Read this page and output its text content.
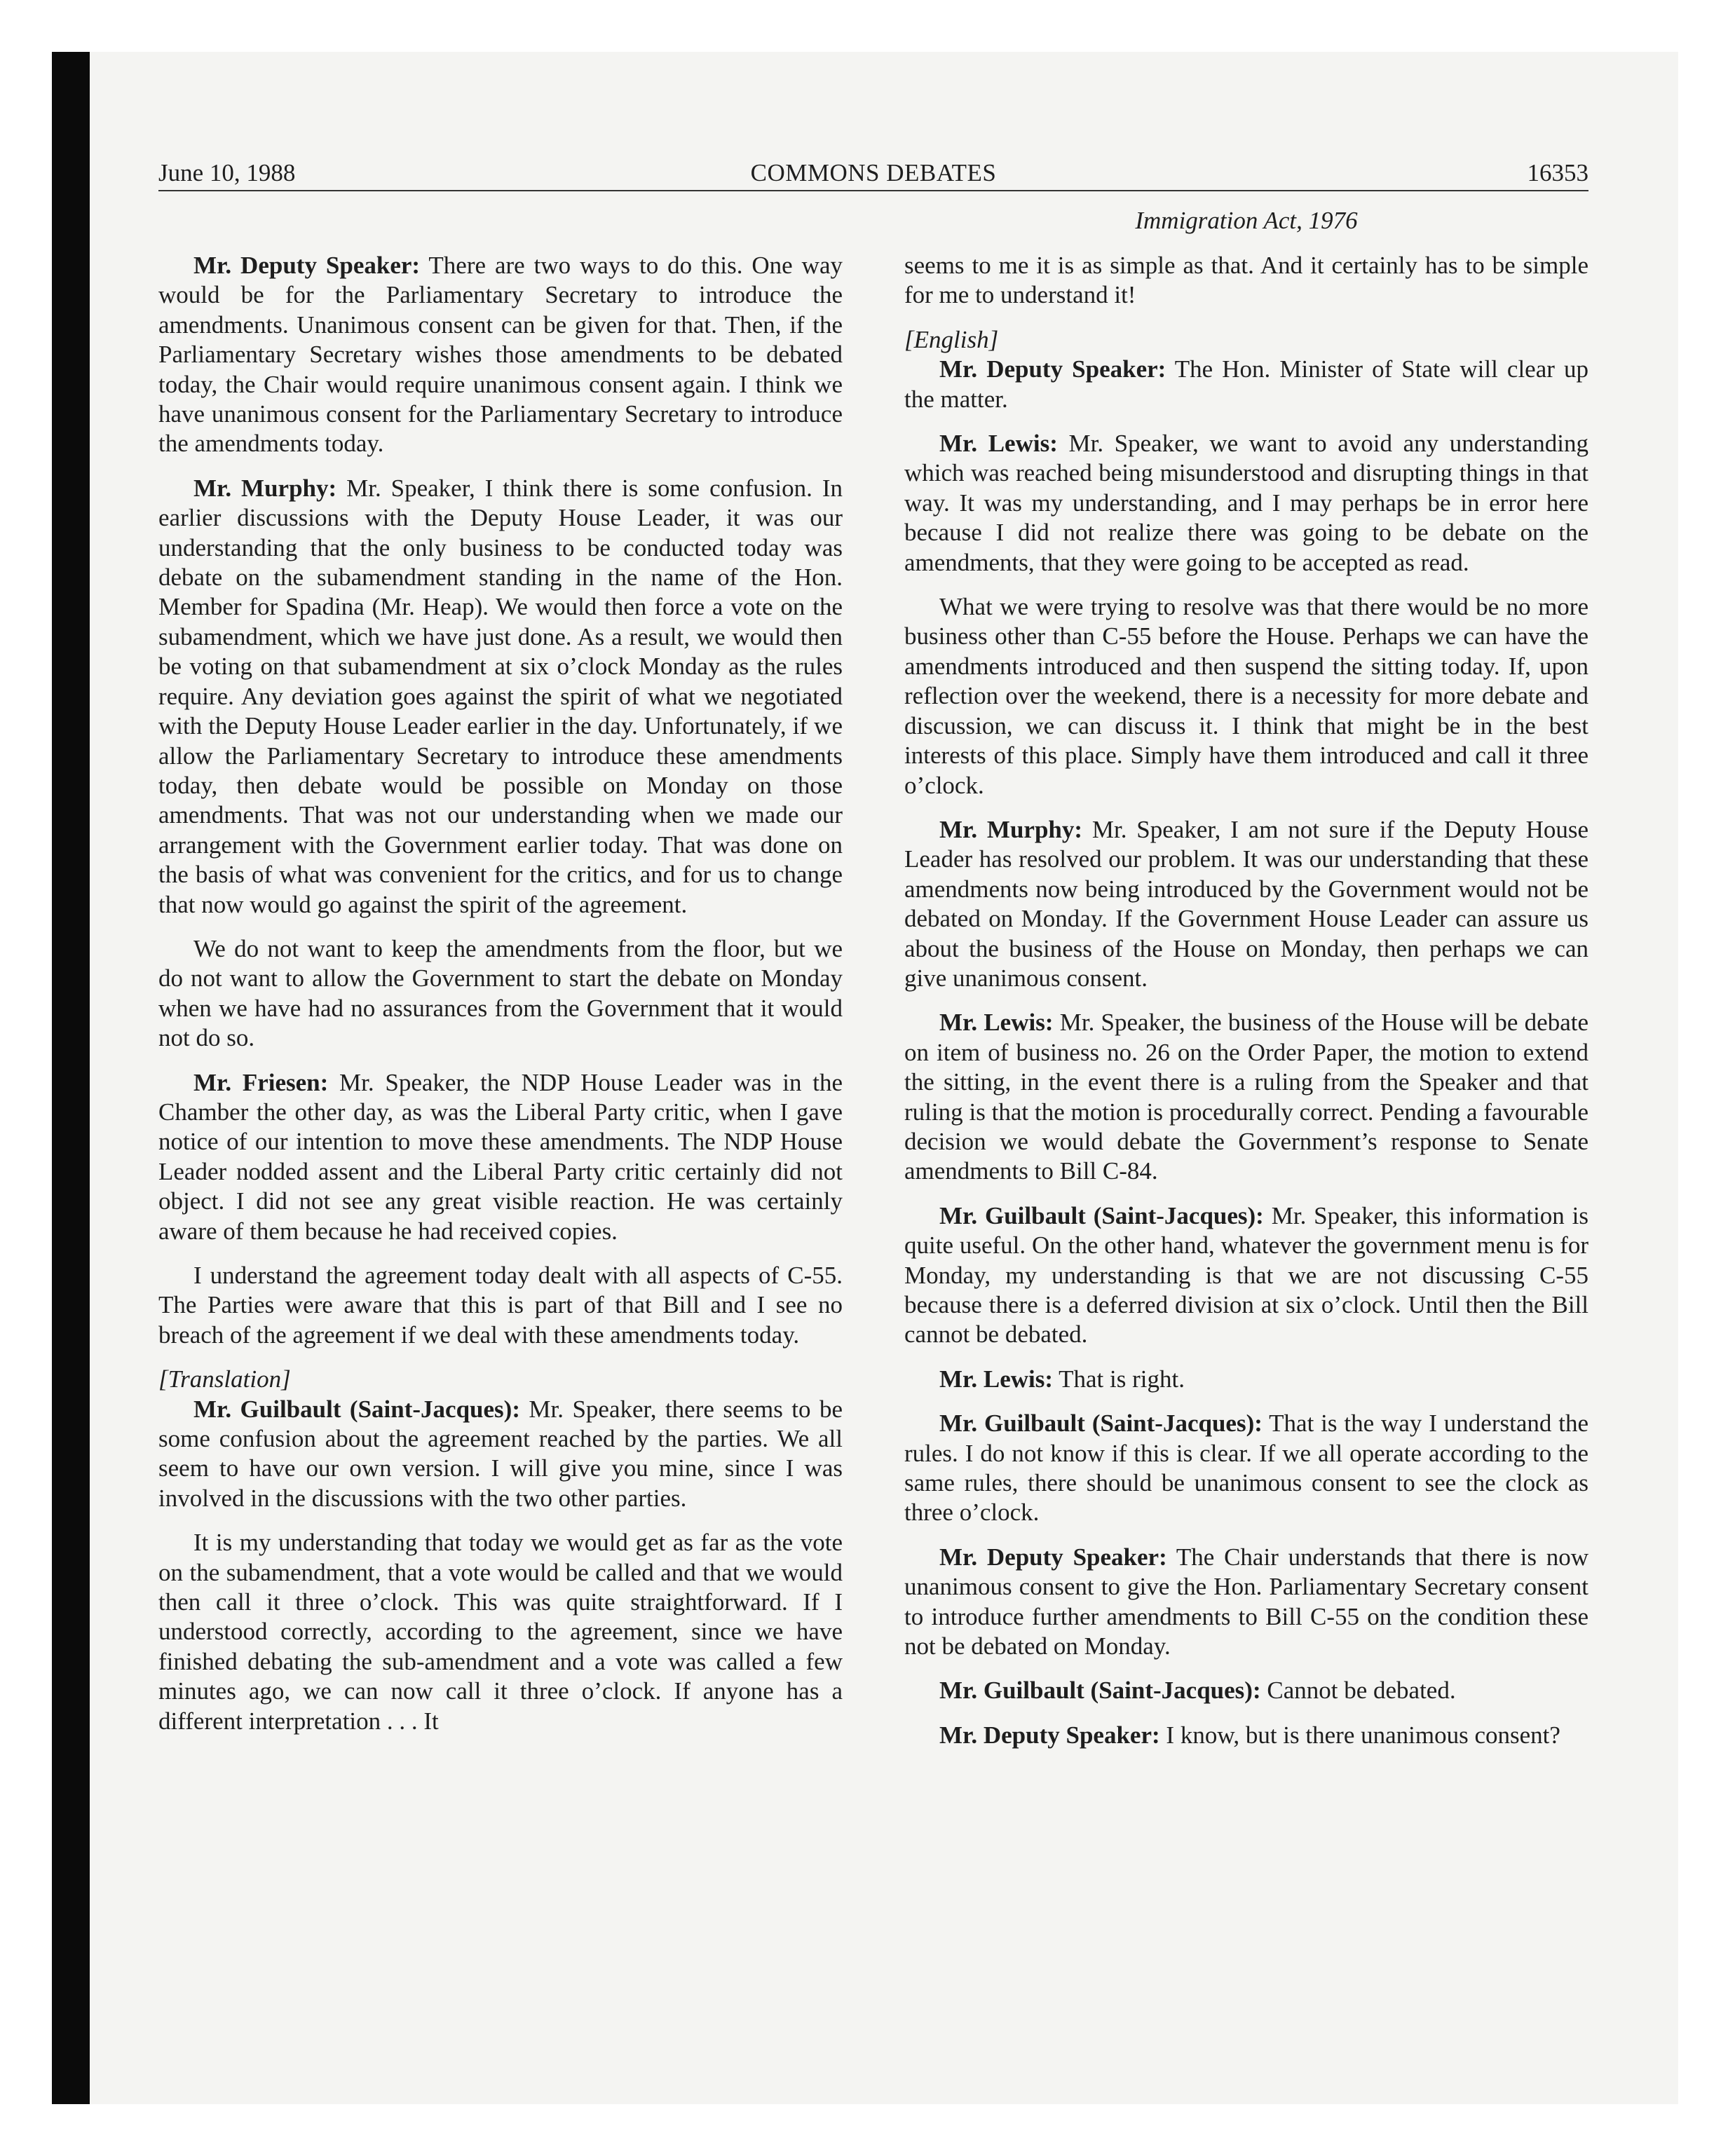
June 10, 1988	COMMONS DEBATES	16353
Immigration Act, 1976

Mr. Deputy Speaker: There are two ways to do this. One way would be for the Parliamentary Secretary to introduce the amendments. Unanimous consent can be given for that. Then, if the Parliamentary Secretary wishes those amendments to be debated today, the Chair would require unanimous consent again. I think we have unanimous consent for the Parliamentary Secretary to introduce the amendments today.

Mr. Murphy: Mr. Speaker, I think there is some confusion. In earlier discussions with the Deputy House Leader, it was our understanding that the only business to be conducted today was debate on the subamendment standing in the name of the Hon. Member for Spadina (Mr. Heap). We would then force a vote on the subamendment, which we have just done. As a result, we would then be voting on that subamendment at six o’clock Monday as the rules require. Any deviation goes against the spirit of what we negotiated with the Deputy House Leader earlier in the day. Unfortunately, if we allow the Parliamentary Secretary to introduce these amendments today, then debate would be possible on Monday on those amendments. That was not our understanding when we made our arrangement with the Government earlier today. That was done on the basis of what was convenient for the critics, and for us to change that now would go against the spirit of the agreement.

We do not want to keep the amendments from the floor, but we do not want to allow the Government to start the debate on Monday when we have had no assurances from the Government that it would not do so.

Mr. Friesen: Mr. Speaker, the NDP House Leader was in the Chamber the other day, as was the Liberal Party critic, when I gave notice of our intention to move these amendments. The NDP House Leader nodded assent and the Liberal Party critic certainly did not object. I did not see any great visible reaction. He was certainly aware of them because he had received copies.

I understand the agreement today dealt with all aspects of C-55. The Parties were aware that this is part of that Bill and I see no breach of the agreement if we deal with these amendments today.

[Translation]

Mr. Guilbault (Saint-Jacques): Mr. Speaker, there seems to be some confusion about the agreement reached by the parties. We all seem to have our own version. I will give you mine, since I was involved in the discussions with the two other parties.

It is my understanding that today we would get as far as the vote on the subamendment, that a vote would be called and that we would then call it three o’clock. This was quite straightforward. If I understood correctly, according to the agreement, since we have finished debating the sub-amendment and a vote was called a few minutes ago, we can now call it three o’clock. If anyone has a different interpretation . . . It

seems to me it is as simple as that. And it certainly has to be simple for me to understand it!

[English]

Mr. Deputy Speaker: The Hon. Minister of State will clear up the matter.

Mr. Lewis: Mr. Speaker, we want to avoid any understanding which was reached being misunderstood and disrupting things in that way. It was my understanding, and I may perhaps be in error here because I did not realize there was going to be debate on the amendments, that they were going to be accepted as read.

What we were trying to resolve was that there would be no more business other than C-55 before the House. Perhaps we can have the amendments introduced and then suspend the sitting today. If, upon reflection over the weekend, there is a necessity for more debate and discussion, we can discuss it. I think that might be in the best interests of this place. Simply have them introduced and call it three o’clock.

Mr. Murphy: Mr. Speaker, I am not sure if the Deputy House Leader has resolved our problem. It was our understanding that these amendments now being introduced by the Government would not be debated on Monday. If the Government House Leader can assure us about the business of the House on Monday, then perhaps we can give unanimous consent.

Mr. Lewis: Mr. Speaker, the business of the House will be debate on item of business no. 26 on the Order Paper, the motion to extend the sitting, in the event there is a ruling from the Speaker and that ruling is that the motion is procedurally correct. Pending a favourable decision we would debate the Government’s response to Senate amendments to Bill C-84.

Mr. Guilbault (Saint-Jacques): Mr. Speaker, this information is quite useful. On the other hand, whatever the government menu is for Monday, my understanding is that we are not discussing C-55 because there is a deferred division at six o’clock. Until then the Bill cannot be debated.

Mr. Lewis: That is right.

Mr. Guilbault (Saint-Jacques): That is the way I understand the rules. I do not know if this is clear. If we all operate according to the same rules, there should be unanimous consent to see the clock as three o’clock.

Mr. Deputy Speaker: The Chair understands that there is now unanimous consent to give the Hon. Parliamentary Secretary consent to introduce further amendments to Bill C-55 on the condition these not be debated on Monday.

Mr. Guilbault (Saint-Jacques): Cannot be debated.

Mr. Deputy Speaker: I know, but is there unanimous consent?
